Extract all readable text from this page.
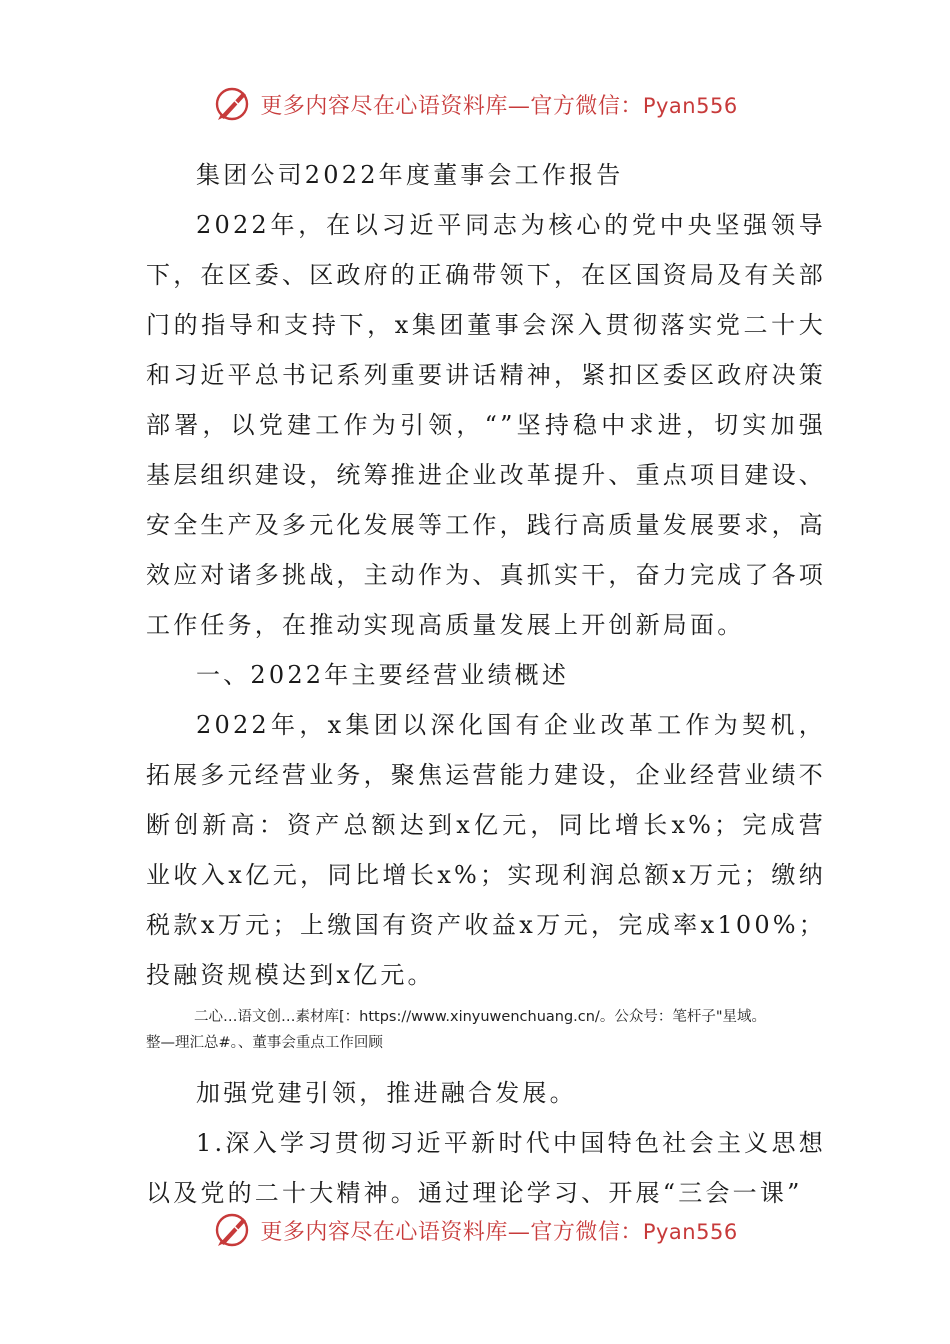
更多内容尽在心语资料库—官方微信：Pyan556

集团公司2022年度董事会工作报告

2022年，在以习近平同志为核心的党中央坚强领导下，在区委、区政府的正确带领下，在区国资局及有关部门的指导和支持下，x集团董事会深入贯彻落实党二十大和习近平总书记系列重要讲话精神，紧扣区委区政府决策部署，以党建工作为引领，“”坚持稳中求进，切实加强基层组织建设，统筹推进企业改革提升、重点项目建设、安全生产及多元化发展等工作，践行高质量发展要求，高效应对诸多挑战，主动作为、真抓实干，奋力完成了各项工作任务，在推动实现高质量发展上开创新局面。

一、2022年主要经营业绩概述

2022年，x集团以深化国有企业改革工作为契机，拓展多元经营业务，聚焦运营能力建设，企业经营业绩不断创新高：资产总额达到x亿元，同比增长x%；完成营业收入x亿元，同比增长x%；实现利润总额x万元；缴纳税款x万元；上缴国有资产收益x万元，完成率x100%；投融资规模达到x亿元。

二心…语文创…素材库[：https://www.xinyuwenchuang.cn/。公众号：笔杆子"星域。
整—理汇总#。、董事会重点工作回顾

加强党建引领，推进融合发展。

1.深入学习贯彻习近平新时代中国特色社会主义思想以及党的二十大精神。通过理论学习、开展“三会一课”

更多内容尽在心语资料库—官方微信：Pyan556
